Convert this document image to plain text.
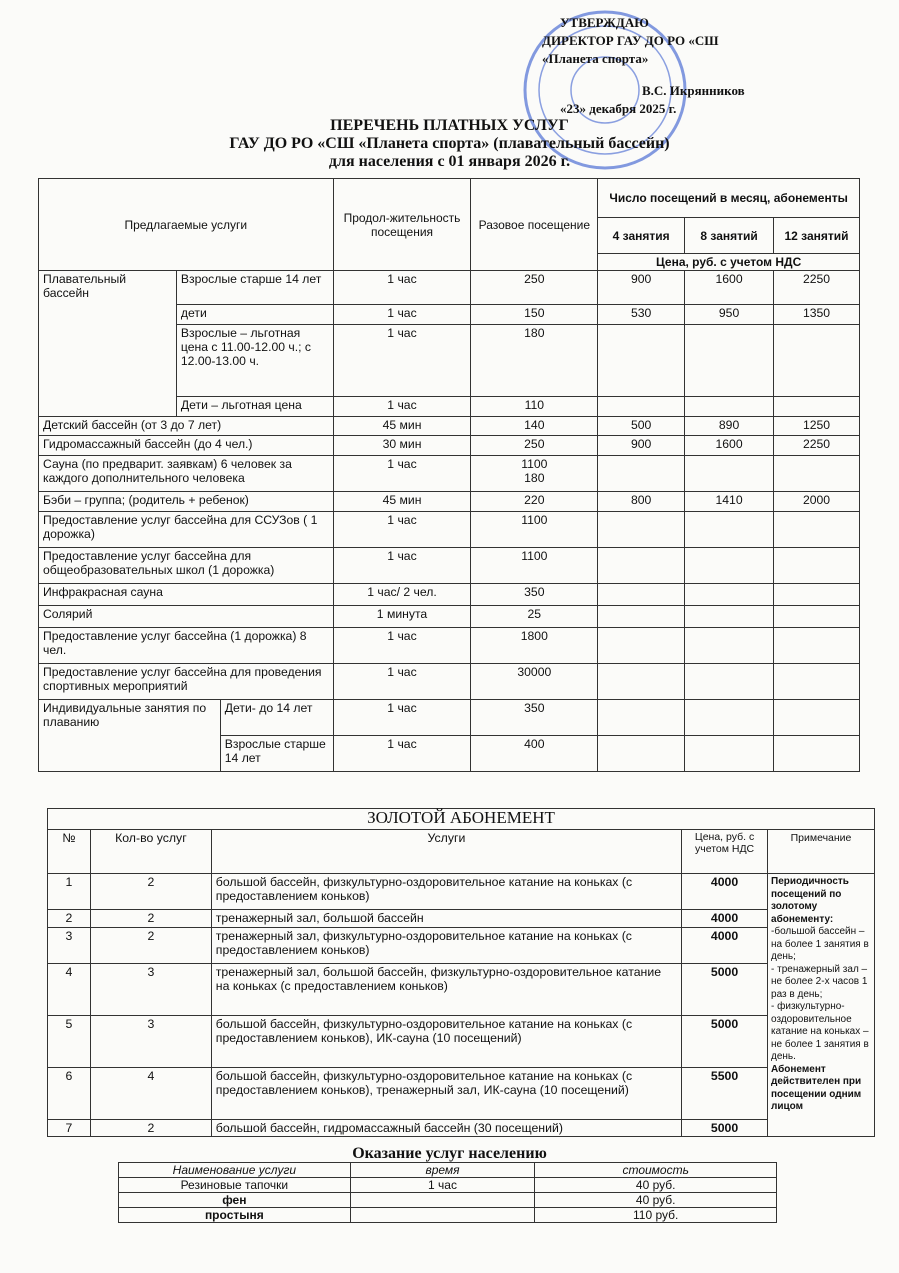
УТВЕРЖДАЮ
ДИРЕКТОР ГАУ ДО РО «СШ
«Планета спорта»
В.С. Икрянников
«23» декабря 2025 г.
ПЕРЕЧЕНЬ ПЛАТНЫХ УСЛУГ
ГАУ ДО РО «СШ «Планета спорта» (плавательный бассейн)
для населения с 01 января 2026 г.
Предлагаемые услуги			Продол-жительность посещения	Разовое посещение	Число посещений в месяц, абонементы		
					4 занятия	8 занятий	12 занятий
					Цена, руб. с учетом НДС		
Плавательный бассейн	Взрослые старше 14 лет		1 час	250	900	1600	2250
	дети		1 час	150	530	950	1350
	Взрослые – льготная цена с 11.00-12.00 ч.; с 12.00-13.00 ч.		1 час	180			
	Дети – льготная цена		1 час	110			
Детский бассейн (от 3 до 7 лет)			45 мин	140	500	890	1250
Гидромассажный бассейн (до 4 чел.)			30 мин	250	900	1600	2250
Сауна (по предварит. заявкам) 6 человек за каждого дополнительного человека			1 час	1100
180			
Бэби – группа; (родитель + ребенок)			45 мин	220	800	1410	2000
Предоставление услуг бассейна для ССУЗов ( 1 дорожка)			1 час	1100			
Предоставление услуг бассейна для общеобразовательных школ (1 дорожка)			1 час	1100			
Инфракрасная сауна			1 час/ 2 чел.	350			
Солярий			1 минута	25			
Предоставление услуг бассейна (1 дорожка) 8 чел.			1 час	1800			
Предоставление услуг бассейна для проведения спортивных мероприятий			1 час	30000			
Индивидуальные занятия по плаванию		Дети- до 14 лет	1 час	350			
		Взрослые старше 14 лет	1 час	400			
ЗОЛОТОЙ АБОНЕМЕНТ				
№	Кол-во услуг	Услуги	Цена, руб. с учетом НДС	Примечание
1	2	большой бассейн, физкультурно-оздоровительное катание на коньках (с предоставлением коньков)	4000	Периодичность посещений по золотому абонементу:
-большой бассейн – на более 1 занятия в день;
- тренажерный зал – не более 2-х часов 1 раз в день;
- физкультурно-оздоровительное катание на коньках – не более 1 занятия в день.
Абонемент действителен при посещении одним лицом
2	2	тренажерный зал, большой бассейн	4000	
3	2	тренажерный зал, физкультурно-оздоровительное катание на коньках (с предоставлением коньков)	4000	
4	3	тренажерный зал, большой бассейн, физкультурно-оздоровительное катание на коньках (с предоставлением коньков)	5000	
5	3	большой бассейн, физкультурно-оздоровительное катание на коньках (с предоставлением коньков), ИК-сауна (10 посещений)	5000	
6	4	большой бассейн, физкультурно-оздоровительное катание на коньках (с предоставлением коньков), тренажерный зал, ИК-сауна (10 посещений)	5500	
7	2	большой бассейн, гидромассажный бассейн (30 посещений)	5000	
Оказание услуг населению
Наименование услуги	время	стоимость
Резиновые тапочки	1 час	40 руб.
фен		40 руб.
простыня		110 руб.
